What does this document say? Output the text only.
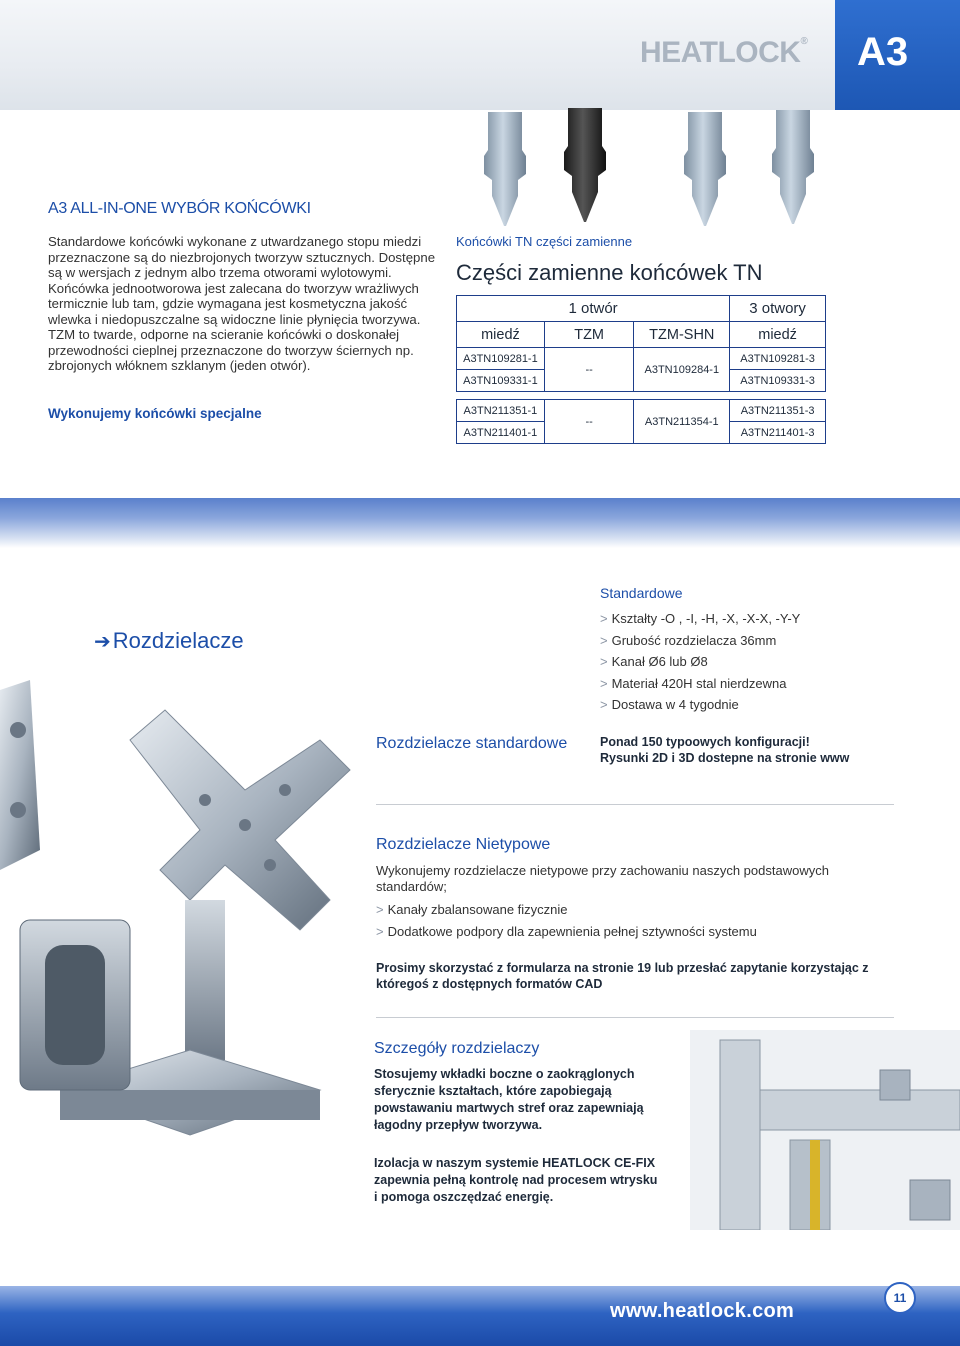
HEATLOCK® A3
A3 ALL-IN-ONE WYBÓR KOŃCÓWKI
Standardowe końcówki wykonane z utwardzanego stopu miedzi przeznaczone są do niezbrojonych tworzyw sztucznych. Dostępne są w wersjach z jednym albo trzema otworami wylotowymi. Końcówka jednootworowa jest zalecana do tworzyw wrażliwych termicznie lub tam, gdzie wymagana jest kosmetyczna jakość wlewka i niedopuszczalne są widoczne linie płynięcia tworzywa. TZM to twarde, odporne na scieranie końcówki o doskonałej przewodności cieplnej przeznaczone do tworzyw ściernych np. zbrojonych włóknem szklanym (jeden otwór).
Wykonujemy końcówki specjalne
Końcówki TN części zamienne
Części zamienne końcówek TN
1 otwór			3 otwory
miedź	TZM	TZM-SHN	miedź
A3TN109281-1	--	A3TN109284-1	A3TN109281-3
A3TN109331-1			A3TN109331-3

A3TN211351-1	--	A3TN211354-1	A3TN211351-3
A3TN211401-1			A3TN211401-3
➔Rozdzielacze
Standardowe
> Kształty -O , -I, -H, -X, -X-X, -Y-Y
> Grubość rozdzielacza 36mm
> Kanał Ø6 lub Ø8
> Materiał 420H stal nierdzewna
> Dostawa w 4 tygodnie
Rozdzielacze standardowe	Ponad 150 typoowych konfiguracji!
Rysunki 2D i 3D dostepne na stronie www
Rozdzielacze Nietypowe
Wykonujemy rozdzielacze nietypowe przy zachowaniu naszych podstawowych standardów;
> Kanały zbalansowane fizycznie
> Dodatkowe podpory dla zapewnienia pełnej sztywności systemu
Prosimy skorzystać z formularza na stronie 19 lub przesłać zapytanie korzystając z któregoś z dostępnych formatów CAD
Szczegóły rozdzielaczy
Stosujemy wkładki boczne o zaokrąglonych sferycznie kształtach, które zapobiegają powstawaniu martwych stref oraz zapewniają łagodny przepływ tworzywa.
Izolacja w naszym systemie HEATLOCK CE-FIX zapewnia pełną kontrolę nad procesem wtrysku i pomoga oszczędzać energię.
www.heatlock.com
11
